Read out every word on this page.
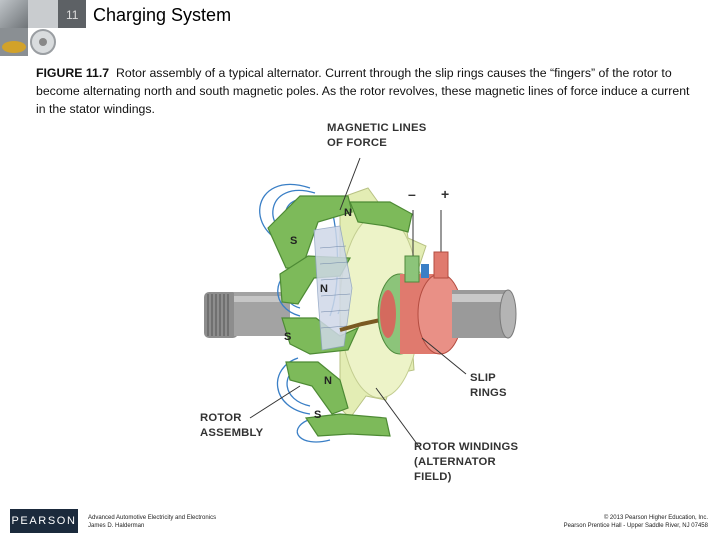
11 Charging System
FIGURE 11.7 Rotor assembly of a typical alternator. Current through the slip rings causes the “fingers” of the rotor to become alternating north and south magnetic poles. As the rotor revolves, these magnetic lines of force induce a current in the stator windings.
N
S
N
S
N
S
MAGNETIC LINES
OF FORCE
– +
SLIP
RINGS
ROTOR
ASSEMBLY
ROTOR WINDINGS
(ALTERNATOR
FIELD)
PEARSON Advanced Automotive Electricity and Electronics
James D. Halderman
© 2013 Pearson Higher Education, Inc.
Pearson Prentice Hall - Upper Saddle River, NJ 07458
